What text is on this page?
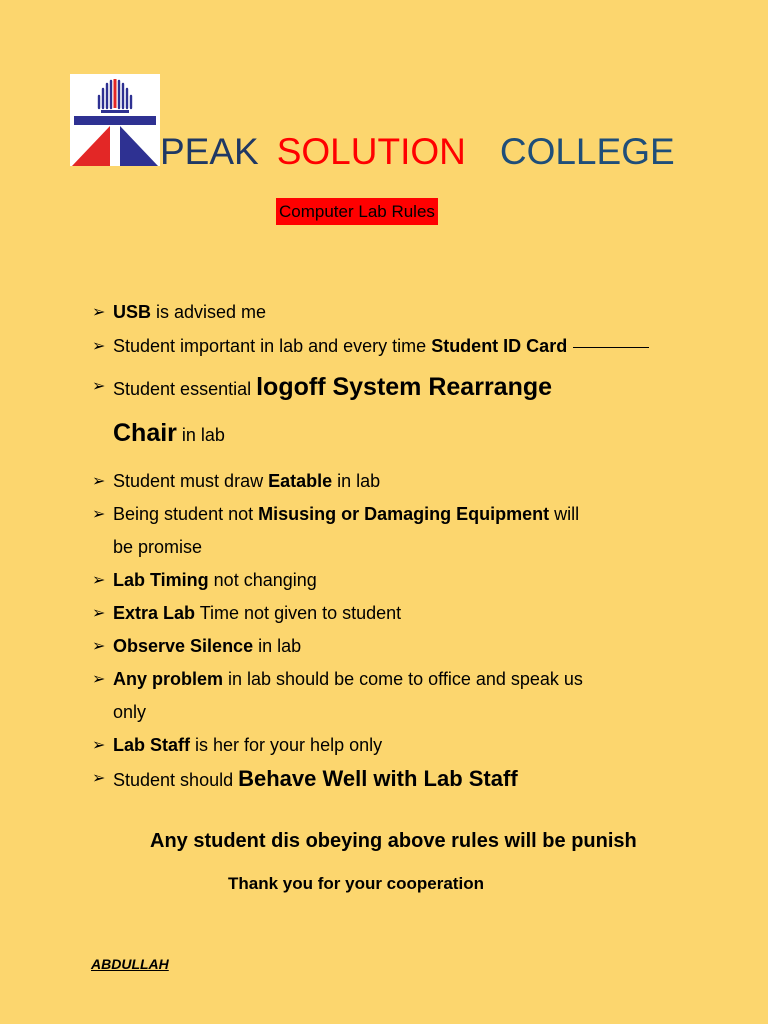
PEAK SOLUTION COLLEGE
Computer Lab Rules
➢ USB is advised me
➢ Student important in lab and every time Student ID Card
➢ Student essential logoff System Rearrange
Chair in lab
➢ Student must draw Eatable in lab
➢ Being student not Misusing or Damaging Equipment will
be promise
➢ Lab Timing not changing
➢ Extra Lab Time not given to student
➢ Observe Silence in lab
➢ Any problem in lab should be come to office and speak us
only
➢ Lab Staff is her for your help only
➢ Student should Behave Well with Lab Staff
Any student dis obeying above rules will be punish
Thank you for your cooperation
ABDULLAH
